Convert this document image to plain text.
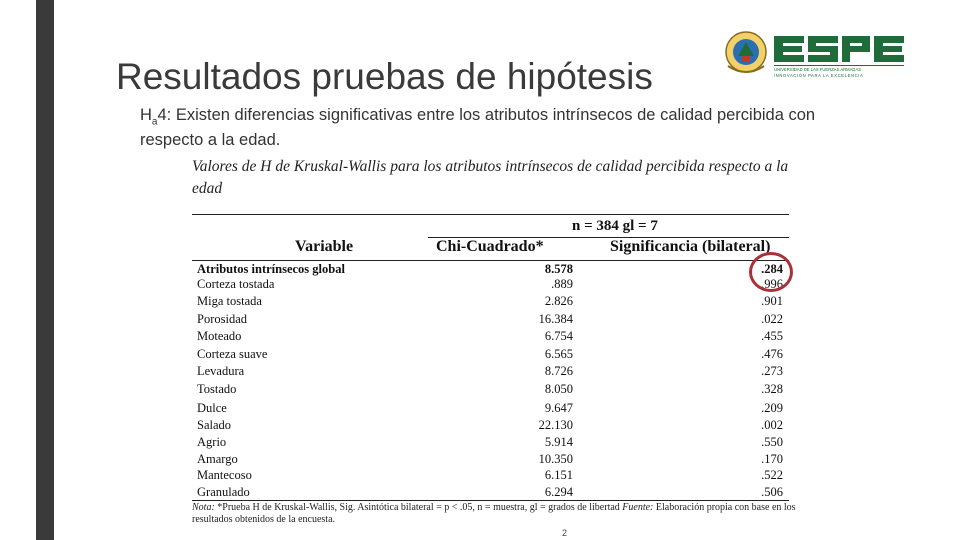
Resultados pruebas de hipótesis	UNIVERSIDAD DE LAS FUERZAS ARMADAS
INNOVACIÓN PARA LA EXCELENCIA
$H_a4$: Existen diferencias significativas entre los atributos intrínsecos de calidad percibida con respecto a la edad.
Valores de H de Kruskal-Wallis para los atributos intrínsecos de calidad percibida respecto a la edad
n = 384 gl = 7
Variable	Chi-Cuadrado*	Significancia (bilateral)
Atributos intrínsecos global	8.578	.284
Corteza tostada	.889	.996
Miga tostada	2.826	.901
Porosidad	16.384	.022
Moteado	6.754	.455
Corteza suave	6.565	.476
Levadura	8.726	.273
Tostado	8.050	.328
Dulce	9.647	.209
Salado	22.130	.002
Agrio	5.914	.550
Amargo	10.350	.170
Mantecoso	6.151	.522
Granulado	6.294	.506
Nota: *Prueba H de Kruskal-Wallis, Sig. Asintótica bilateral = p < .05, n = muestra, gl = grados de libertad Fuente: Elaboración propia con base en los resultados obtenidos de la encuesta.
2
